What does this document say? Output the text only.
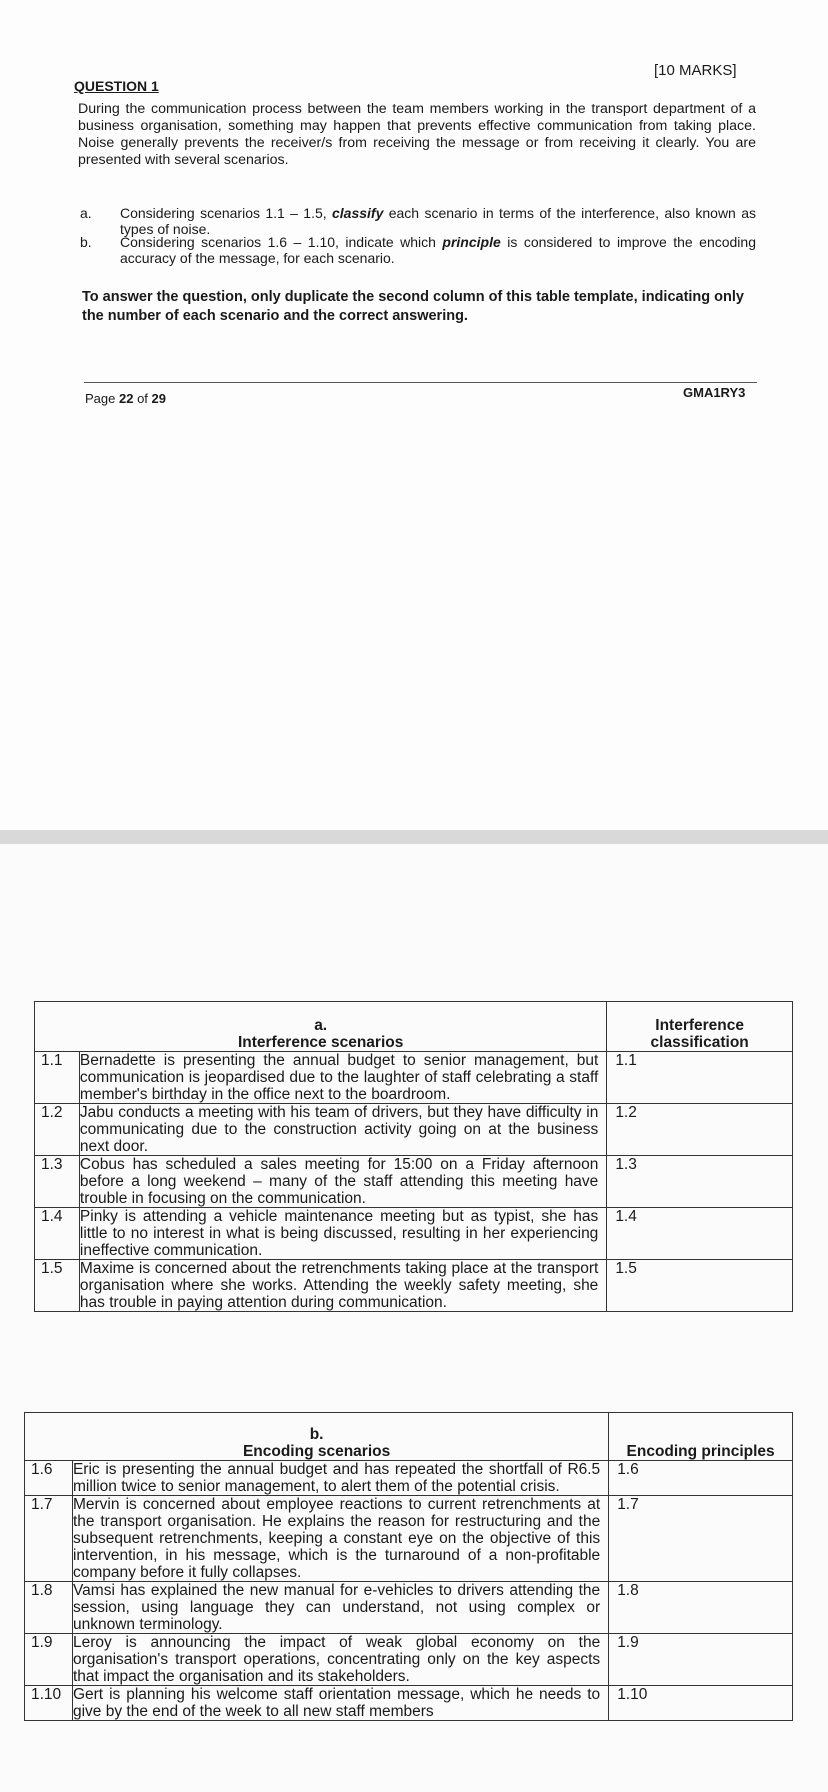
[10 MARKS]
QUESTION 1
During the communication process between the team members working in the transport department of a business organisation, something may happen that prevents effective communication from taking place. Noise generally prevents the receiver/s from receiving the message or from receiving it clearly. You are presented with several scenarios.
a. Considering scenarios 1.1 – 1.5, classify each scenario in terms of the interference, also known as types of noise.
b. Considering scenarios 1.6 – 1.10, indicate which principle is considered to improve the encoding accuracy of the message, for each scenario.
To answer the question, only duplicate the second column of this table template, indicating only the number of each scenario and the correct answering.
Page 22 of 29	GMA1RY3
a.
Interference scenarios		Interference classification
1.1	Bernadette is presenting the annual budget to senior management, but communication is jeopardised due to the laughter of staff celebrating a staff member's birthday in the office next to the boardroom.	1.1
1.2	Jabu conducts a meeting with his team of drivers, but they have difficulty in communicating due to the construction activity going on at the business next door.	1.2
1.3	Cobus has scheduled a sales meeting for 15:00 on a Friday afternoon before a long weekend – many of the staff attending this meeting have trouble in focusing on the communication.	1.3
1.4	Pinky is attending a vehicle maintenance meeting but as typist, she has little to no interest in what is being discussed, resulting in her experiencing ineffective communication.	1.4
1.5	Maxime is concerned about the retrenchments taking place at the transport organisation where she works. Attending the weekly safety meeting, she has trouble in paying attention during communication.	1.5
b.
Encoding scenarios		Encoding principles
1.6	Eric is presenting the annual budget and has repeated the shortfall of R6.5 million twice to senior management, to alert them of the potential crisis.	1.6
1.7	Mervin is concerned about employee reactions to current retrenchments at the transport organisation. He explains the reason for restructuring and the subsequent retrenchments, keeping a constant eye on the objective of this intervention, in his message, which is the turnaround of a non-profitable company before it fully collapses.	1.7
1.8	Vamsi has explained the new manual for e-vehicles to drivers attending the session, using language they can understand, not using complex or unknown terminology.	1.8
1.9	Leroy is announcing the impact of weak global economy on the organisation's transport operations, concentrating only on the key aspects that impact the organisation and its stakeholders.	1.9
1.10	Gert is planning his welcome staff orientation message, which he needs to give by the end of the week to all new staff members	1.10
